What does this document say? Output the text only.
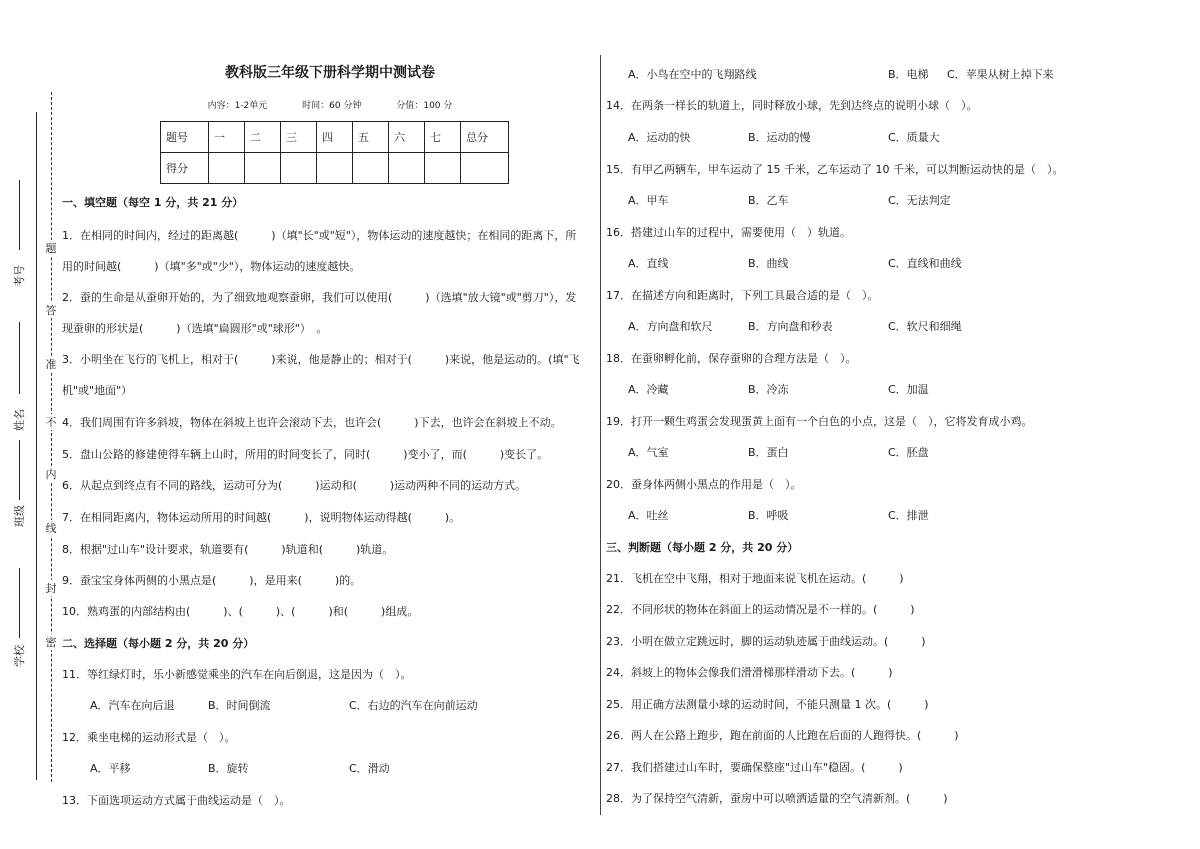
考号
姓名
班级
学校
题
答
准
不
内
线
封
密
教科版三年级下册科学期中测试卷
内容：1-2单元	时间：60 分钟	分值：100 分
题号	一	二	三	四	五	六	七	总分
得分								
一、填空题（每空 1 分，共 21 分）
1．在相同的时间内，经过的距离越(　　　)（填"长"或"短"），物体运动的速度越快；在相同的距离下，所
用的时间越(　　　)（填"多"或"少"），物体运动的速度越快。
2．蚕的生命是从蚕卵开始的，为了细致地观察蚕卵，我们可以使用(　　　)（选填"放大镜"或"剪刀"），发
现蚕卵的形状是(　　　)（选填"扁圆形"或"球形"）　。
3．小明坐在飞行的飞机上，相对于(　　　)来说，他是静止的；相对于(　　　)来说，他是运动的。(填"飞
机"或"地面"）
4．我们周围有许多斜坡，物体在斜坡上也许会滚动下去，也许会(　　　)下去，也许会在斜坡上不动。
5．盘山公路的修建使得车辆上山时，所用的时间变长了，同时(　　　)变小了，而(　　　)变长了。
6．从起点到终点有不同的路线，运动可分为(　　　)运动和(　　　)运动两种不同的运动方式。
7．在相同距离内，物体运动所用的时间越(　　　)，说明物体运动得越(　　　)。
8．根据"过山车"设计要求，轨道要有(　　　)轨道和(　　　)轨道。
9．蚕宝宝身体两侧的小黑点是(　　　)，是用来(　　　)的。
10．熟鸡蛋的内部结构由(　　　)、(　　　)、(　　　)和(　　　)组成。
二、选择题（每小题 2 分，共 20 分）
11．等红绿灯时，乐小新感觉乘坐的汽车在向后倒退，这是因为（　）。
A．汽车在向后退	B．时间倒流	C．右边的汽车在向前运动
12．乘坐电梯的运动形式是（　）。
A．平移	B．旋转	C．滑动
13．下面选项运动方式属于曲线运动是（　）。
A．小鸟在空中的飞翔路线	B．电梯 C．苹果从树上掉下来
14．在两条一样长的轨道上，同时释放小球，先到达终点的说明小球（　）。
A．运动的快	B．运动的慢	C．质量大
15．有甲乙两辆车，甲车运动了 15 千米，乙车运动了 10 千米，可以判断运动快的是（　）。
A．甲车	B．乙车	C．无法判定
16．搭建过山车的过程中，需要使用（　）轨道。
A．直线	B．曲线	C．直线和曲线
17．在描述方向和距离时，下列工具最合适的是（　）。
A．方向盘和软尺	B．方向盘和秒表	C．软尺和细绳
18．在蚕卵孵化前，保存蚕卵的合理方法是（　）。
A．冷藏	B．冷冻	C．加温
19．打开一颗生鸡蛋会发现蛋黄上面有一个白色的小点，这是（　），它将发育成小鸡。
A．气室	B．蛋白	C．胚盘
20．蚕身体两侧小黑点的作用是（　）。
A．吐丝	B．呼吸	C．排泄
三、判断题（每小题 2 分，共 20 分）
21．飞机在空中飞翔，相对于地面来说飞机在运动。(　　　)
22．不同形状的物体在斜面上的运动情况是不一样的。(　　　)
23．小明在做立定跳远时，脚的运动轨迹属于曲线运动。(　　　)
24．斜坡上的物体会像我们滑滑梯那样滑动下去。(　　　)
25．用正确方法测量小球的运动时间，不能只测量 1 次。(　　　)
26．两人在公路上跑步，跑在前面的人比跑在后面的人跑得快。(　　　)
27．我们搭建过山车时，要确保整座"过山车"稳固。(　　　)
28．为了保持空气清新，蚕房中可以喷洒适量的空气清新剂。(　　　)
